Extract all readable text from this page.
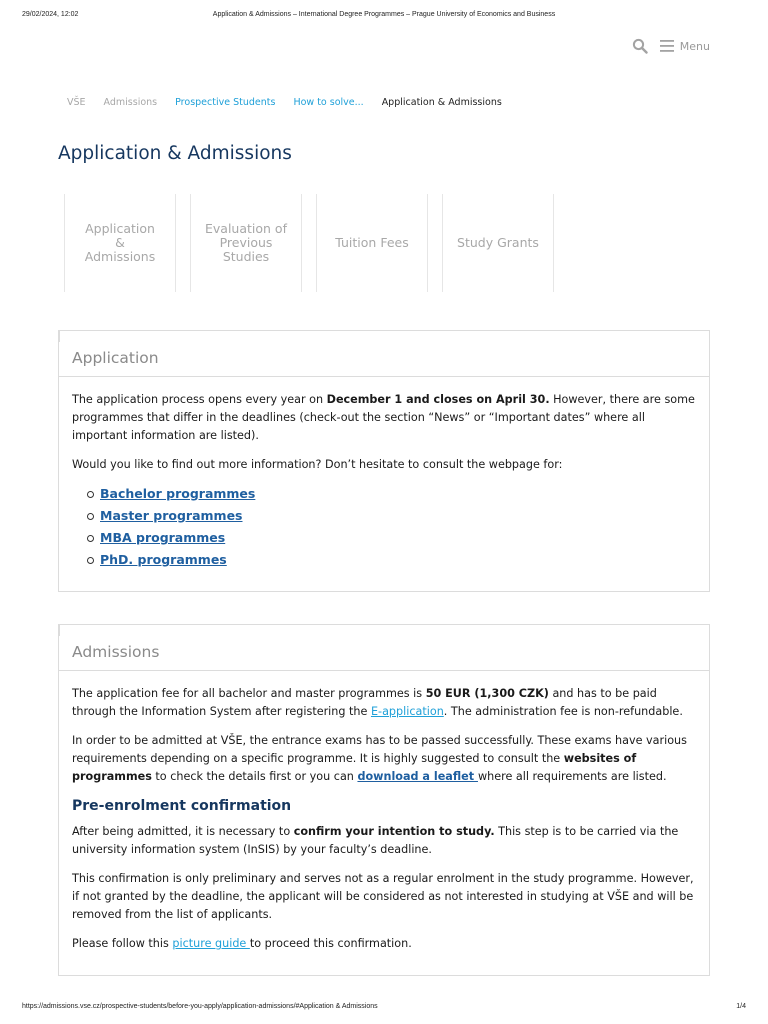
29/02/2024, 12:02	Application & Admissions – International Degree Programmes – Prague University of Economics and Business
Menu
VŠE Admissions Prospective Students How to solve... Application & Admissions
Application & Admissions
Application & Admissions
Evaluation of Previous Studies
Tuition Fees	Study Grants
Application

The application process opens every year on December 1 and closes on April 30. However, there are some programmes that differ in the deadlines (check-out the section “News” or “Important dates” where all important information are listed).

Would you like to find out more information? Don’t hesitate to consult the webpage for:

Bachelor programmes
Master programmes
MBA programmes
PhD. programmes
Admissions

The application fee for all bachelor and master programmes is 50 EUR (1,300 CZK) and has to be paid through the Information System after registering the E-application. The administration fee is non-refundable.

In order to be admitted at VŠE, the entrance exams has to be passed successfully. These exams have various requirements depending on a specific programme. It is highly suggested to consult the websites of programmes to check the details first or you can download a leaflet where all requirements are listed.

Pre-enrolment confirmation

After being admitted, it is necessary to confirm your intention to study. This step is to be carried via the university information system (InSIS) by your faculty’s deadline.

This confirmation is only preliminary and serves not as a regular enrolment in the study programme. However, if not granted by the deadline, the applicant will be considered as not interested in studying at VŠE and will be removed from the list of applicants.

Please follow this picture guide to proceed this confirmation.

https://admissions.vse.cz/prospective-students/before-you-apply/application-admissions/#Application & Admissions	1/4
